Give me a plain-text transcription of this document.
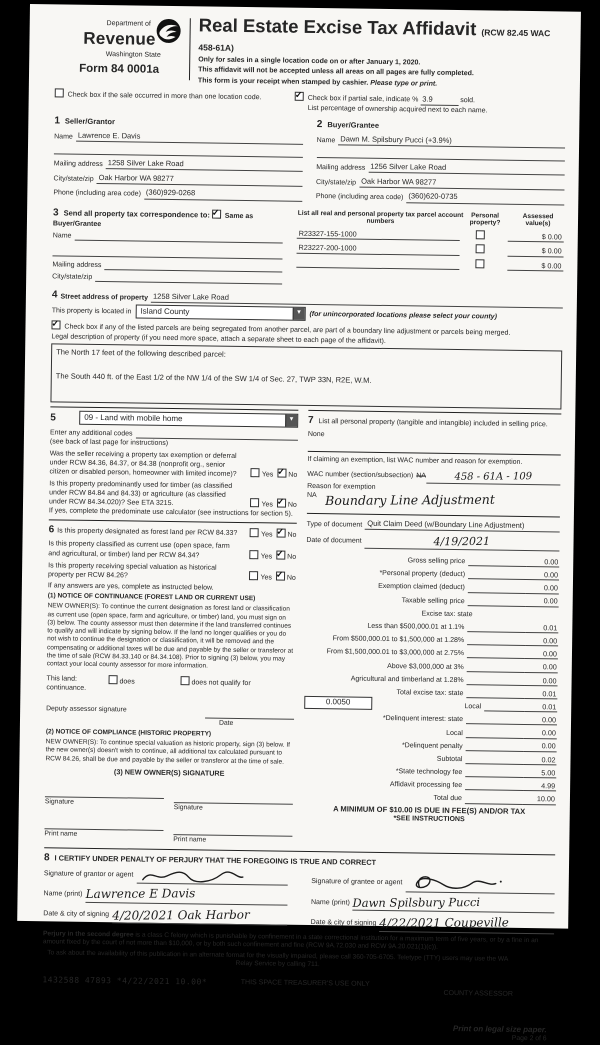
Department of
Revenue
Washington State
Form 84 0001a
Real Estate Excise Tax Affidavit (RCW 82.45 WAC 458-61A)
Only for sales in a single location code on or after January 1, 2020.
This affidavit will not be accepted unless all areas on all pages are fully completed.
This form is your receipt when stamped by cashier. Please type or print.
Check box if the sale occurred in more than one location code. ✓	Check box if partial sale, indicate % 3.9	sold.
List percentage of ownership acquired next to each name.
1 Seller/Grantor
Name Lawrence E. Davis
Mailing address 1258 Silver Lake Road
City/state/zip Oak Harbor WA 98277
Phone (including area code) (360)929-0268
2 Buyer/Grantee
Name Dawn M. Spilsbury Pucci (+3.9%)
Mailing address 1256 Silver Lake Road
City/state/zip Oak Harbor WA 98277
Phone (including area code) (360)620-0735
3 Send all property tax correspondence to: ✓ Same as Buyer/Grantee
Name
Mailing address
City/state/zip
List all real and personal property tax parcel account numbers
Personal property?
Assessed value(s)
R23327-155-1000	$ 0.00
R23227-200-1000	$ 0.00
$ 0.00
4 Street address of property 1258 Silver Lake Road
This property is located in	Island County	▼	(for unincorporated locations please select your county)
✓ Check box if any of the listed parcels are being segregated from another parcel, are part of a boundary line adjustment or parcels being merged.
Legal description of property (if you need more space, attach a separate sheet to each page of the affidavit).
The North 17 feet of the following described parcel:
The South 440 ft. of the East 1/2 of the NW 1/4 of the SW 1/4 of Sec. 27, TWP 33N, R2E, W.M.
5	09 - Land with mobile home	▼
Enter any additional codes
(see back of last page for instructions)
Was the seller receiving a property tax exemption or deferral under RCW 84.36, 84.37, or 84.38 (nonprofit org., senior citizen or disabled person, homeowner with limited income)?	Yes ✓ No
Is this property predominantly used for timber (as classified under RCW 84.84 and 84.33) or agriculture (as classified under RCW 84.34.020)? See ETA 3215.	Yes ✓ No
If yes, complete the predominate use calculator (see instructions for section 5).
6 Is this property designated as forest land per RCW 84.33?	Yes ✓ No
Is this property classified as current use (open space, farm and agricultural, or timber) land per RCW 84.34?	Yes ✓ No
Is this property receiving special valuation as historical property per RCW 84.26?	Yes ✓ No
If any answers are yes, complete as instructed below.
(1) NOTICE OF CONTINUANCE (FOREST LAND OR CURRENT USE)
NEW OWNER(S): To continue the current designation as forest land or classification as current use (open space, farm and agriculture, or timber) land, you must sign on (3) below. The county assessor must then determine if the land transferred continues to qualify and will indicate by signing below. If the land no longer qualifies or you do not wish to continue the designation or classification, it will be removed and the compensating or additional taxes will be due and payable by the seller or transferor at the time of sale (RCW 84.33.140 or 84.34.108). Prior to signing (3) below, you may contact your local county assessor for more information.
This land:
continuance.
does	does not qualify for
Deputy assessor signature
Date
(2) NOTICE OF COMPLIANCE (HISTORIC PROPERTY)
NEW OWNER(S): To continue special valuation as historic property, sign (3) below. If the new owner(s) doesn't wish to continue, all additional tax calculated pursuant to RCW 84.26, shall be due and payable by the seller or transferor at the time of sale.
(3) NEW OWNER(S) SIGNATURE
Signature
Signature
Print name
Print name
7 List all personal property (tangible and intangible) included in selling price.
None
If claiming an exemption, list WAC number and reason for exemption.
WAC number (section/subsection) NA	458 - 61A - 109
Reason for exemption
NA Boundary Line Adjustment
Type of document Quit Claim Deed (w/Boundary Line Adjustment)
Date of document	4/19/2021
Gross selling price	0.00
*Personal property (deduct)	0.00
Exemption claimed (deduct)	0.00
Taxable selling price	0.00
Excise tax: state
Less than $500,000.01 at 1.1%	0.01
From $500,000.01 to $1,500,000 at 1.28%	0.00
From $1,500,000.01 to $3,000,000 at 2.75%	0.00
Above $3,000,000 at 3%	0.00
Agricultural and timberland at 1.28%	0.00
Total excise tax: state	0.01
0.0050	Local	0.01
*Delinquent interest: state	0.00
Local	0.00
*Delinquent penalty	0.00
Subtotal	0.02
*State technology fee	5.00
Affidavit processing fee	4.99
Total due	10.00
A MINIMUM OF $10.00 IS DUE IN FEE(S) AND/OR TAX
*SEE INSTRUCTIONS
8 I CERTIFY UNDER PENALTY OF PERJURY THAT THE FOREGOING IS TRUE AND CORRECT
Signature of grantor or agent
Name (print) Lawrence E Davis
Date & city of signing 4/20/2021 Oak Harbor
Signature of grantee or agent
Name (print) Dawn Spilsbury Pucci
Date & city of signing 4/22/2021 Coupeville
Perjury in the second degree is a class C felony which is punishable by confinement in a state correctional institution for a maximum term of five years, or by a fine in an amount fixed by the court of not more than $10,000, or by both such confinement and fine (RCW 9A.72.030 and RCW 9A.20.021(1)(c)).
To ask about the availability of this publication in an alternate format for the visually impaired, please call 360-705-6705. Teletype (TTY) users may use the WA Relay Service by calling 711.
1432588 47893 *4/22/2021 10.00*	THIS SPACE TREASURER'S USE ONLY
COUNTY ASSESSOR
Print on legal size paper.
Page 2 of 6
